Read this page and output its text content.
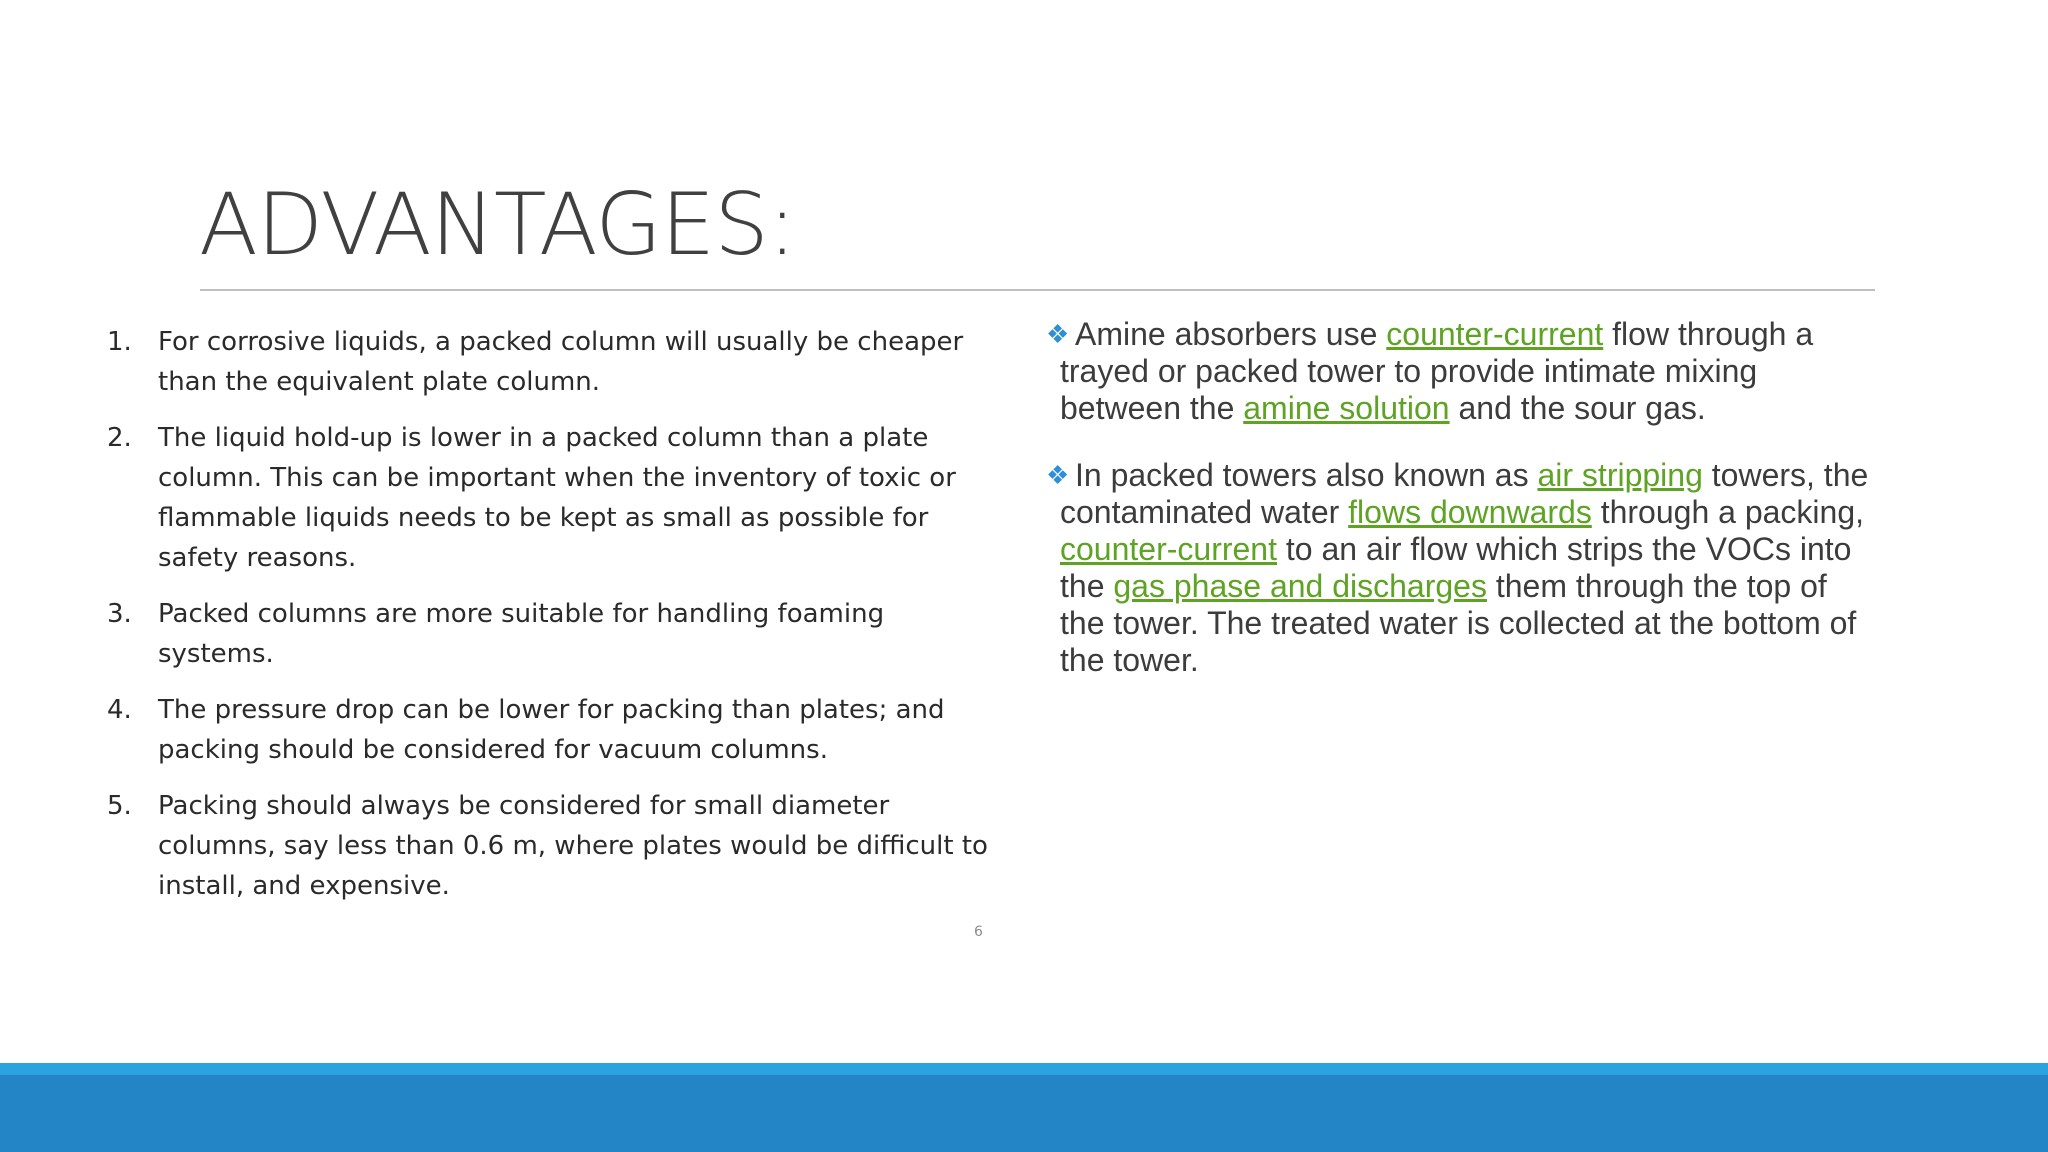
ADVANTAGES:
1.	For corrosive liquids, a packed column will usually be cheaper than the equivalent plate column.
2.	The liquid hold-up is lower in a packed column than a plate column. This can be important when the inventory of toxic or flammable liquids needs to be kept as small as possible for safety reasons.
3.	Packed columns are more suitable for handling foaming systems.
4.	The pressure drop can be lower for packing than plates; and packing should be considered for vacuum columns.
5.	Packing should always be considered for small diameter columns, say less than 0.6 m, where plates would be difficult to install, and expensive.
6

❖ Amine absorbers use counter-current flow through a trayed or packed tower to provide intimate mixing between the amine solution and the sour gas.

❖ In packed towers also known as air stripping towers, the contaminated water flows downwards through a packing, counter-current to an air flow which strips the VOCs into the gas phase and discharges them through the top of the tower. The treated water is collected at the bottom of the tower.
